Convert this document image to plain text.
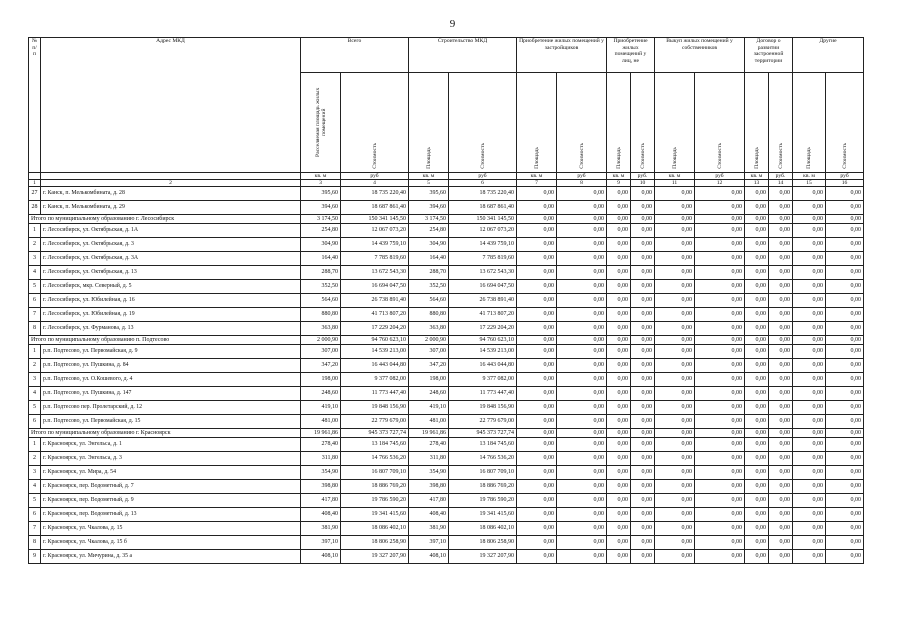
9
№ п/п	Адрес МКД	Всего		Строительство МКД		Приобретение жилых помещений у застройщиков		Приобретение жилых помещений у лиц, не		Выкуп жилых помещений у собственников		Договор о развитии застроенной территории		Другие	
		Расселяемая площадь жилых помещений	Стоимость	Площадь	Стоимость	Площадь	Стоимость	Площадь	Стоимость	Площадь	Стоимость	Площадь	Стоимость	Площадь	Стоимость
		кв. м	руб	кв. м	руб	кв. м	руб	кв. м	руб.	кв. м	руб	кв. м	руб.	кв. м	руб
1	2	3	4	5	6	7	8	9	10	11	12	13	14	15	16
27	г. Канск, п. Мелькомбината, д. 28	395,60	18 735 220,40	395,60	18 735 220,40	0,00	0,00	0,00	0,00	0,00	0,00	0,00	0,00	0,00	0,00
28	г. Канск, п. Мелькомбината, д. 29	394,60	18 687 861,40	394,60	18 687 861,40	0,00	0,00	0,00	0,00	0,00	0,00	0,00	0,00	0,00	0,00
Итого по муниципальному образованию г. Лесосибирск		3 174,50	150 341 145,50	3 174,50	150 341 145,50	0,00	0,00	0,00	0,00	0,00	0,00	0,00	0,00	0,00	0,00
1	г. Лесосибирск, ул. Октябрьская, д. 1А	254,80	12 067 073,20	254,80	12 067 073,20	0,00	0,00	0,00	0,00	0,00	0,00	0,00	0,00	0,00	0,00
2	г. Лесосибирск, ул. Октябрьская, д. 3	304,90	14 439 759,10	304,90	14 439 759,10	0,00	0,00	0,00	0,00	0,00	0,00	0,00	0,00	0,00	0,00
3	г. Лесосибирск, ул. Октябрьская, д. 3А	164,40	7 785 819,60	164,40	7 785 819,60	0,00	0,00	0,00	0,00	0,00	0,00	0,00	0,00	0,00	0,00
4	г. Лесосибирск, ул. Октябрьская, д. 13	288,70	13 672 543,30	288,70	13 672 543,30	0,00	0,00	0,00	0,00	0,00	0,00	0,00	0,00	0,00	0,00
5	г. Лесосибирск, мкр. Северный, д. 5	352,50	16 694 047,50	352,50	16 694 047,50	0,00	0,00	0,00	0,00	0,00	0,00	0,00	0,00	0,00	0,00
6	г. Лесосибирск, ул. Юбилейная, д. 16	564,60	26 738 891,40	564,60	26 738 891,40	0,00	0,00	0,00	0,00	0,00	0,00	0,00	0,00	0,00	0,00
7	г. Лесосибирск, ул. Юбилейная, д. 19	880,80	41 713 807,20	880,80	41 713 807,20	0,00	0,00	0,00	0,00	0,00	0,00	0,00	0,00	0,00	0,00
8	г. Лесосибирск, ул. Фурманова, д. 13	363,80	17 229 204,20	363,80	17 229 204,20	0,00	0,00	0,00	0,00	0,00	0,00	0,00	0,00	0,00	0,00
Итого по муниципальному образованию п. Подтесово		2 000,90	94 760 623,10	2 000,90	94 760 623,10	0,00	0,00	0,00	0,00	0,00	0,00	0,00	0,00	0,00	0,00
1	р.п. Подтесово, ул. Первомайская, д. 9	307,00	14 539 213,00	307,00	14 539 213,00	0,00	0,00	0,00	0,00	0,00	0,00	0,00	0,00	0,00	0,00
2	р.п. Подтесово, ул. Пушкина, д. 84	347,20	16 443 044,80	347,20	16 443 044,80	0,00	0,00	0,00	0,00	0,00	0,00	0,00	0,00	0,00	0,00
3	р.п. Подтесово, ул. О.Кошевого, д. 4	198,00	9 377 082,00	198,00	9 377 082,00	0,00	0,00	0,00	0,00	0,00	0,00	0,00	0,00	0,00	0,00
4	р.п. Подтесово, ул. Пушкина, д. 147	248,60	11 773 447,40	248,60	11 773 447,40	0,00	0,00	0,00	0,00	0,00	0,00	0,00	0,00	0,00	0,00
5	р.п. Подтесово пер. Пролетарский, д. 12	419,10	19 848 156,90	419,10	19 848 156,90	0,00	0,00	0,00	0,00	0,00	0,00	0,00	0,00	0,00	0,00
6	р.п. Подтесово, ул. Первомайская, д. 15	481,00	22 779 679,00	481,00	22 779 679,00	0,00	0,00	0,00	0,00	0,00	0,00	0,00	0,00	0,00	0,00
Итого по муниципальному образованию г. Красноярск		19 961,86	945 373 727,74	19 961,86	945 373 727,74	0,00	0,00	0,00	0,00	0,00	0,00	0,00	0,00	0,00	0,00
1	г. Красноярск, ул. Энгельса, д. 1	278,40	13 184 745,60	278,40	13 184 745,60	0,00	0,00	0,00	0,00	0,00	0,00	0,00	0,00	0,00	0,00
2	г. Красноярск, ул. Энгельса, д. 3	311,80	14 766 536,20	311,80	14 766 536,20	0,00	0,00	0,00	0,00	0,00	0,00	0,00	0,00	0,00	0,00
3	г. Красноярск, ул. Мира, д. 54	354,90	16 807 709,10	354,90	16 807 709,10	0,00	0,00	0,00	0,00	0,00	0,00	0,00	0,00	0,00	0,00
4	г. Красноярск, пер. Водометный, д. 7	398,80	18 886 769,20	398,80	18 886 769,20	0,00	0,00	0,00	0,00	0,00	0,00	0,00	0,00	0,00	0,00
5	г. Красноярск, пер. Водометный, д. 9	417,80	19 786 590,20	417,80	19 786 590,20	0,00	0,00	0,00	0,00	0,00	0,00	0,00	0,00	0,00	0,00
6	г. Красноярск, пер. Водометный, д. 13	408,40	19 341 415,60	408,40	19 341 415,60	0,00	0,00	0,00	0,00	0,00	0,00	0,00	0,00	0,00	0,00
7	г. Красноярск, ул. Чкалова, д. 15	381,90	18 086 402,10	381,90	18 086 402,10	0,00	0,00	0,00	0,00	0,00	0,00	0,00	0,00	0,00	0,00
8	г. Красноярск, ул. Чкалова, д. 15 б	397,10	18 806 258,90	397,10	18 806 258,90	0,00	0,00	0,00	0,00	0,00	0,00	0,00	0,00	0,00	0,00
9	г. Красноярск, ул. Мичурина, д. 35 а	408,10	19 327 207,90	408,10	19 327 207,90	0,00	0,00	0,00	0,00	0,00	0,00	0,00	0,00	0,00	0,00
